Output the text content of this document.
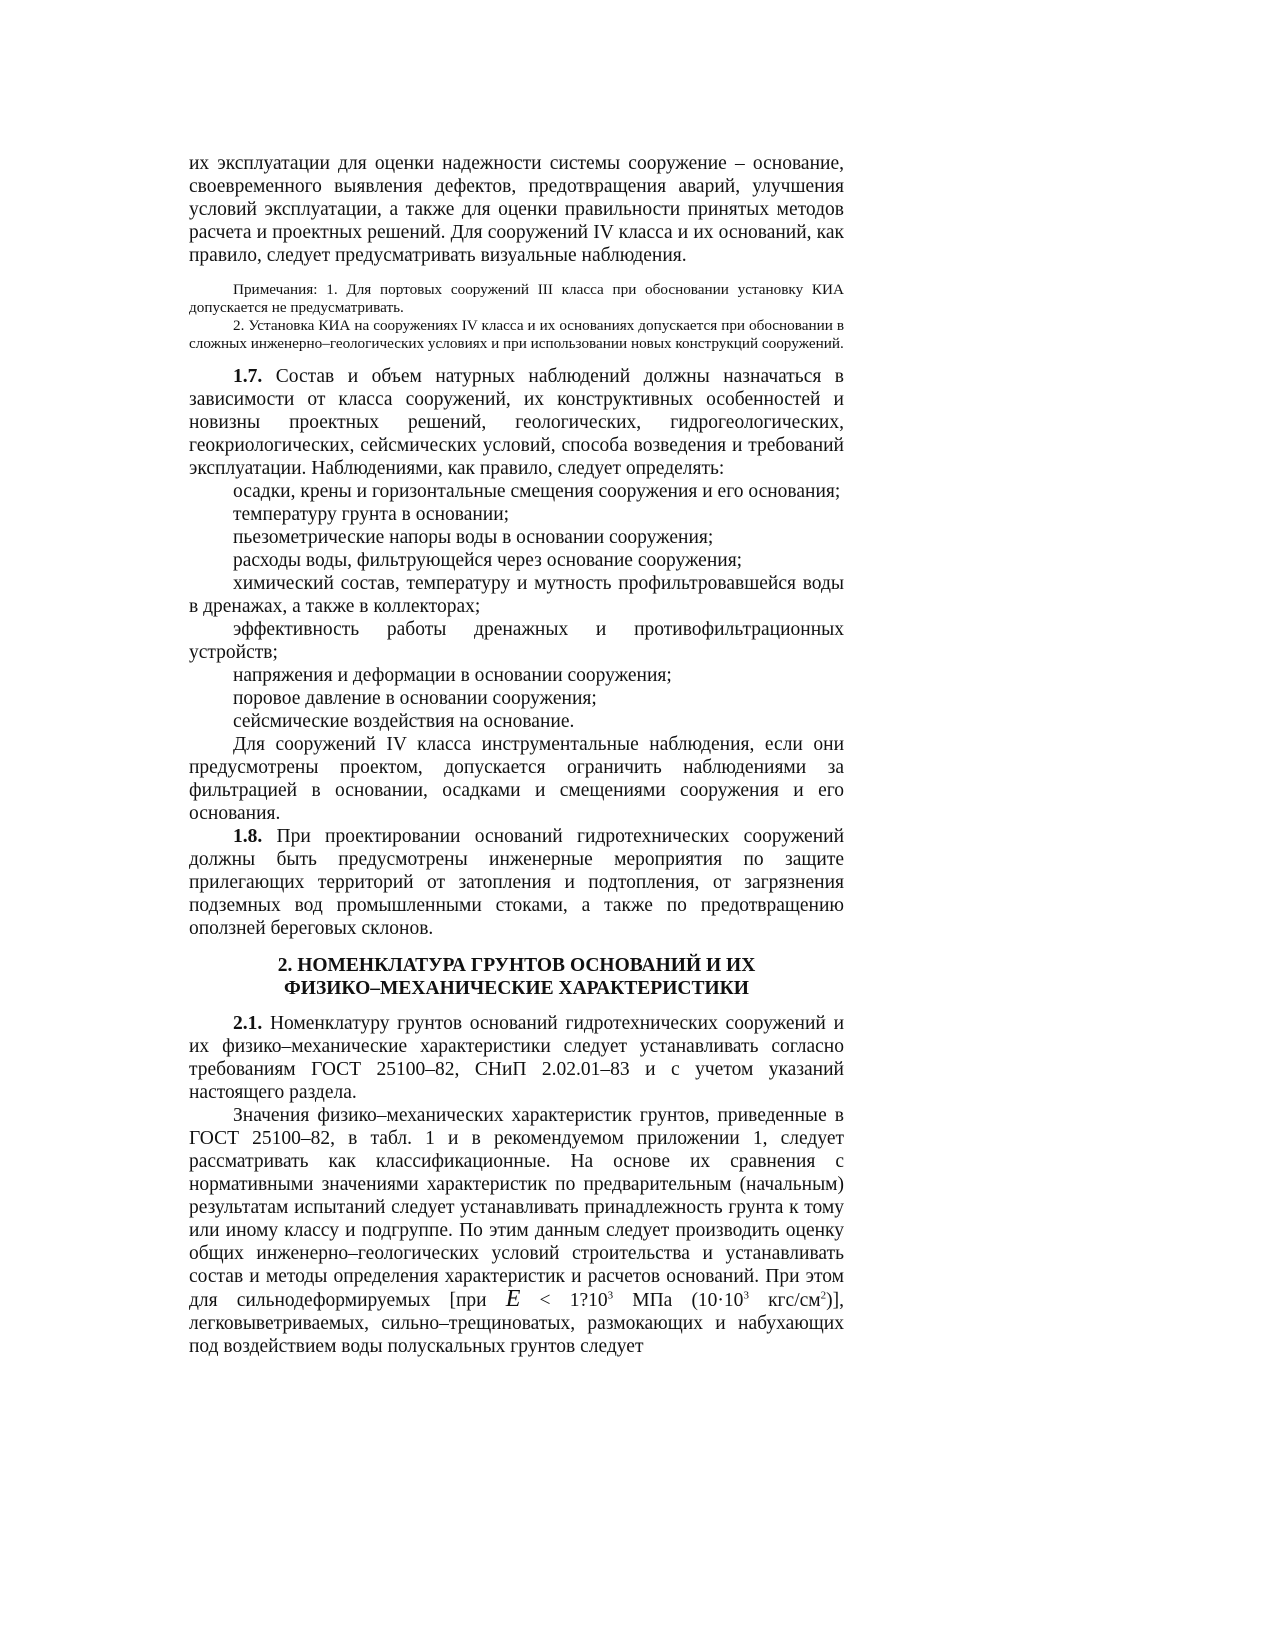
их эксплуатации для оценки надежности системы сооружение – основание, своевременного выявления дефектов, предотвращения аварий, улучшения условий эксплуатации, а также для оценки правильности принятых методов расчета и проектных решений. Для сооружений IV класса и их оснований, как правило, следует предусматривать визуальные наблюдения.

Примечания: 1. Для портовых сооружений III класса при обосновании установку КИА допускается не предусматривать.

2. Установка КИА на сооружениях IV класса и их основаниях допускается при обосновании в сложных инженерно–геологических условиях и при использовании новых конструкций сооружений.

1.7. Состав и объем натурных наблюдений должны назначаться в зависимости от класса сооружений, их конструктивных особенностей и новизны проектных решений, геологических, гидрогеологических, геокриологических, сейсмических условий, способа возведения и требований эксплуатации. Наблюдениями, как правило, следует определять:

осадки, крены и горизонтальные смещения сооружения и его основания;

температуру грунта в основании;

пьезометрические напоры воды в основании сооружения;

расходы воды, фильтрующейся через основание сооружения;

химический состав, температуру и мутность профильтровавшейся воды в дренажах, а также в коллекторах;

эффективность работы дренажных и противофильтрационных устройств;

напряжения и деформации в основании сооружения;

поровое давление в основании сооружения;

сейсмические воздействия на основание.

Для сооружений IV класса инструментальные наблюдения, если они предусмотрены проектом, допускается ограничить наблюдениями за фильтрацией в основании, осадками и смещениями сооружения и его основания.

1.8. При проектировании оснований гидротехнических сооружений должны быть предусмотрены инженерные мероприятия по защите прилегающих территорий от затопления и подтопления, от загрязнения подземных вод промышленными стоками, а также по предотвращению оползней береговых склонов.

2. НОМЕНКЛАТУРА ГРУНТОВ ОСНОВАНИЙ И ИХ
ФИЗИКО–МЕХАНИЧЕСКИЕ ХАРАКТЕРИСТИКИ

2.1. Номенклатуру грунтов оснований гидротехнических сооружений и их физико–механические характеристики следует устанавливать согласно требованиям ГОСТ 25100–82, СНиП 2.02.01–83 и с учетом указаний настоящего раздела.

Значения физико–механических характеристик грунтов, приведенные в ГОСТ 25100–82, в табл. 1 и в рекомендуемом приложении 1, следует рассматривать как классификационные. На основе их сравнения с нормативными значениями характеристик по предварительным (начальным) результатам испытаний следует устанавливать принадлежность грунта к тому или иному классу и подгруппе. По этим данным следует производить оценку общих инженерно–геологических условий строительства и устанавливать состав и методы определения характеристик и расчетов оснований. При этом для сильнодеформируемых [при $E < 1?10^3$ МПа ($10\cdot 10^3$ кгс/$см^2$)], легковыветриваемых, сильно–трещиноватых, размокающих и набухающих под воздействием воды полускальных грунтов следует
